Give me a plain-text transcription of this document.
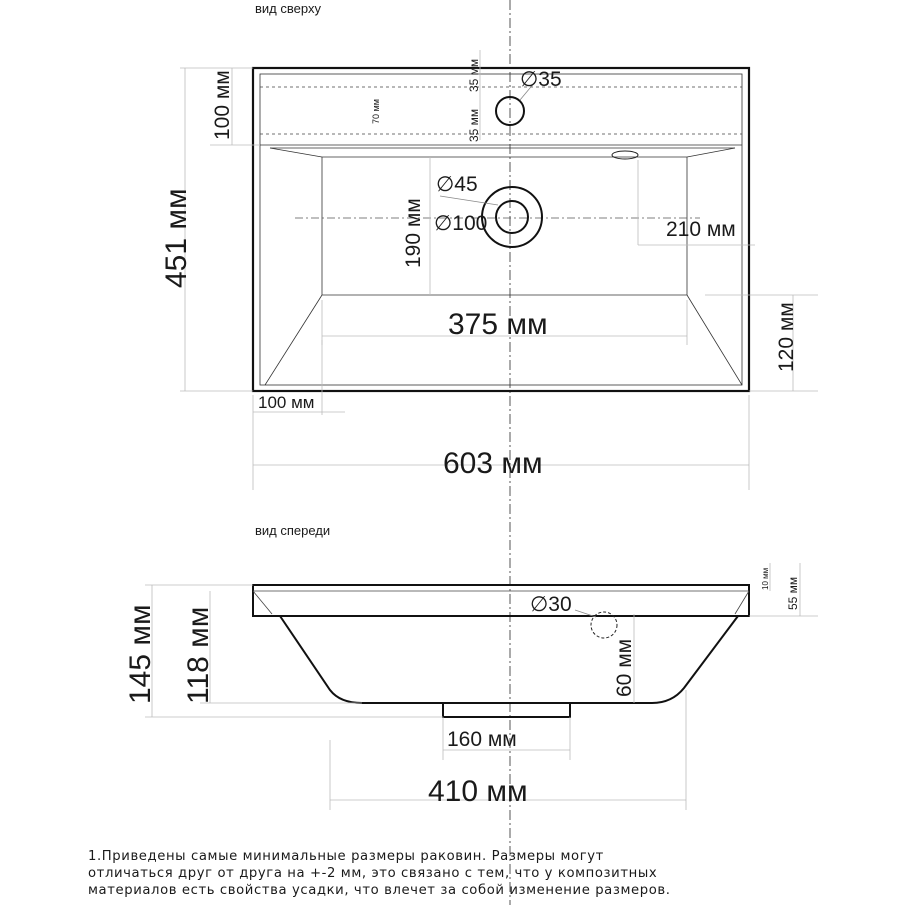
вид сверху
451 мм
100 мм	70 мм
35 мм
35 мм
∅35
∅45
∅100
190 мм	210 мм
375 мм	120 мм
100 мм
603 мм
вид спереди
∅30
60 мм
10 мм 55 мм
145 мм 118 мм
160 мм
410 мм
1.Приведены самые минимальные размеры раковин. Размеры могут
отличаться друг от друга на +-2 мм, это связано с тем, что у композитных
материалов есть свойства усадки, что влечет за собой изменение размеров.
